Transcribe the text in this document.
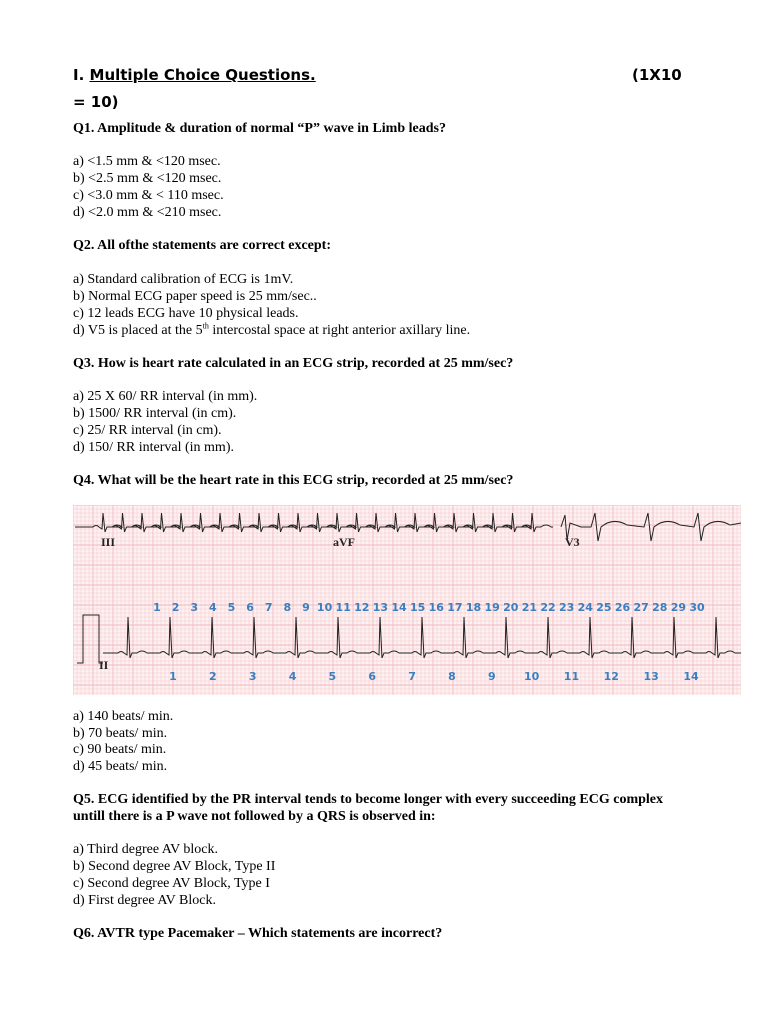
I. Multiple Choice Questions.	(1X10
= 10)
Q1. Amplitude & duration of normal “P” wave in Limb leads?
a) <1.5 mm & <120 msec.
b) <2.5 mm & <120 msec.
c) <3.0 mm & < 110 msec.
d) <2.0 mm & <210 msec.
Q2. All ofthe statements are correct except:
a) Standard calibration of ECG is 1mV.
b) Normal ECG paper speed is 25 mm/sec..
c) 12 leads ECG have 10 physical leads.
d) V5 is placed at the 5th intercostal space at right anterior axillary line.
Q3. How is heart rate calculated in an ECG strip, recorded at 25 mm/sec?
a) 25 X 60/ RR interval (in mm).
b) 1500/ RR interval (in cm).
c) 25/ RR interval (in cm).
d) 150/ RR interval (in mm).
Q4. What will be the heart rate in this ECG strip, recorded at 25 mm/sec?
III	aVF	V3
II
1 2 3 4 5 6 7 8 9 10 11 12 13 14 15 16 17 18 19 20 21 22 23 24 25 26 27 28 29 30
1	2	3	4	5	6	7	8	9	10 11 12 13 14
a) 140 beats/ min.
b) 70 beats/ min.
c) 90 beats/ min.
d) 45 beats/ min.
Q5. ECG identified by the PR interval tends to become longer with every succeeding ECG complex untill there is a P wave not followed by a QRS is observed in:
a) Third degree AV block.
b) Second degree AV Block, Type II
c) Second degree AV Block, Type I
d) First degree AV Block.
Q6. AVTR type Pacemaker – Which statements are incorrect?
